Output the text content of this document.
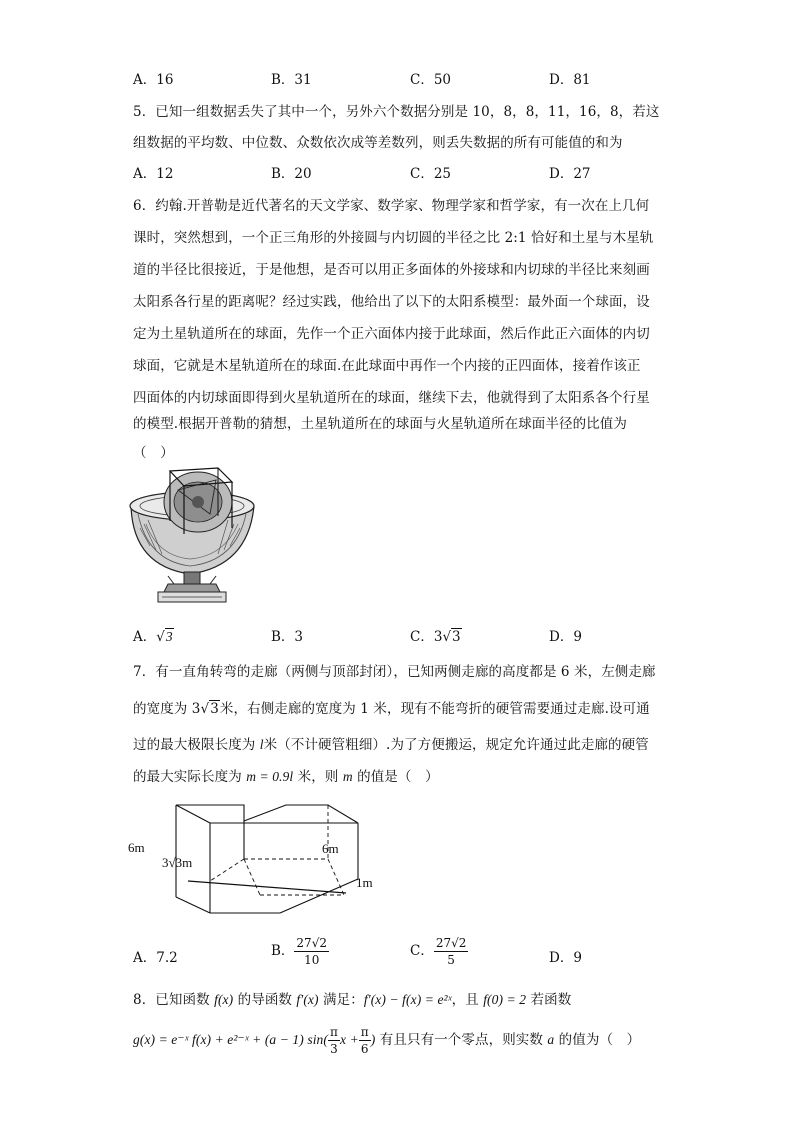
A．16	B．31	C．50	D．81
5．已知一组数据丢失了其中一个，另外六个数据分别是 10，8，8，11，16，8，若这
组数据的平均数、中位数、众数依次成等差数列，则丢失数据的所有可能值的和为
A．12	B．20	C．25	D．27
6．约翰.开普勒是近代著名的天文学家、数学家、物理学家和哲学家，有一次在上几何
课时，突然想到，一个正三角形的外接圆与内切圆的半径之比 2:1 恰好和土星与木星轨
道的半径比很接近，于是他想，是否可以用正多面体的外接球和内切球的半径比来刻画
太阳系各行星的距离呢？经过实践，他给出了以下的太阳系模型：最外面一个球面，设
定为土星轨道所在的球面，先作一个正六面体内接于此球面，然后作此正六面体的内切
球面，它就是木星轨道所在的球面.在此球面中再作一个内接的正四面体，接着作该正
四面体的内切球面即得到火星轨道所在的球面，继续下去，他就得到了太阳系各个行星
的模型.根据开普勒的猜想，土星轨道所在的球面与火星轨道所在球面半径的比值为
（　）
A．√3	B．3	C．3√3	D．9
7．有一直角转弯的走廊（两侧与顶部封闭），已知两侧走廊的高度都是 6 米，左侧走廊
的宽度为 3√3米，右侧走廊的宽度为 1 米，现有不能弯折的硬管需要通过走廊.设可通
过的最大极限长度为 l米（不计硬管粗细）.为了方便搬运，规定允许通过此走廊的硬管
的最大实际长度为 m = 0.9l 米，则 m 的值是（　）
6m
3√3m
6m
1m
A．7.2	B． $\frac{27√2}{10}$	C． $\frac{27√2}{5}$	D．9
8．已知函数 f(x) 的导函数 f′(x) 满足：f′(x) − f(x) = e²ˣ，且 f(0) = 2 若函数
g(x) = e⁻ˣ f(x) + e²⁻ˣ + (a − 1) $\sin( \frac{\pi}{3}$ $x + \frac{\pi}{6}$ ) 有且只有一个零点，则实数 a 的值为（　）
